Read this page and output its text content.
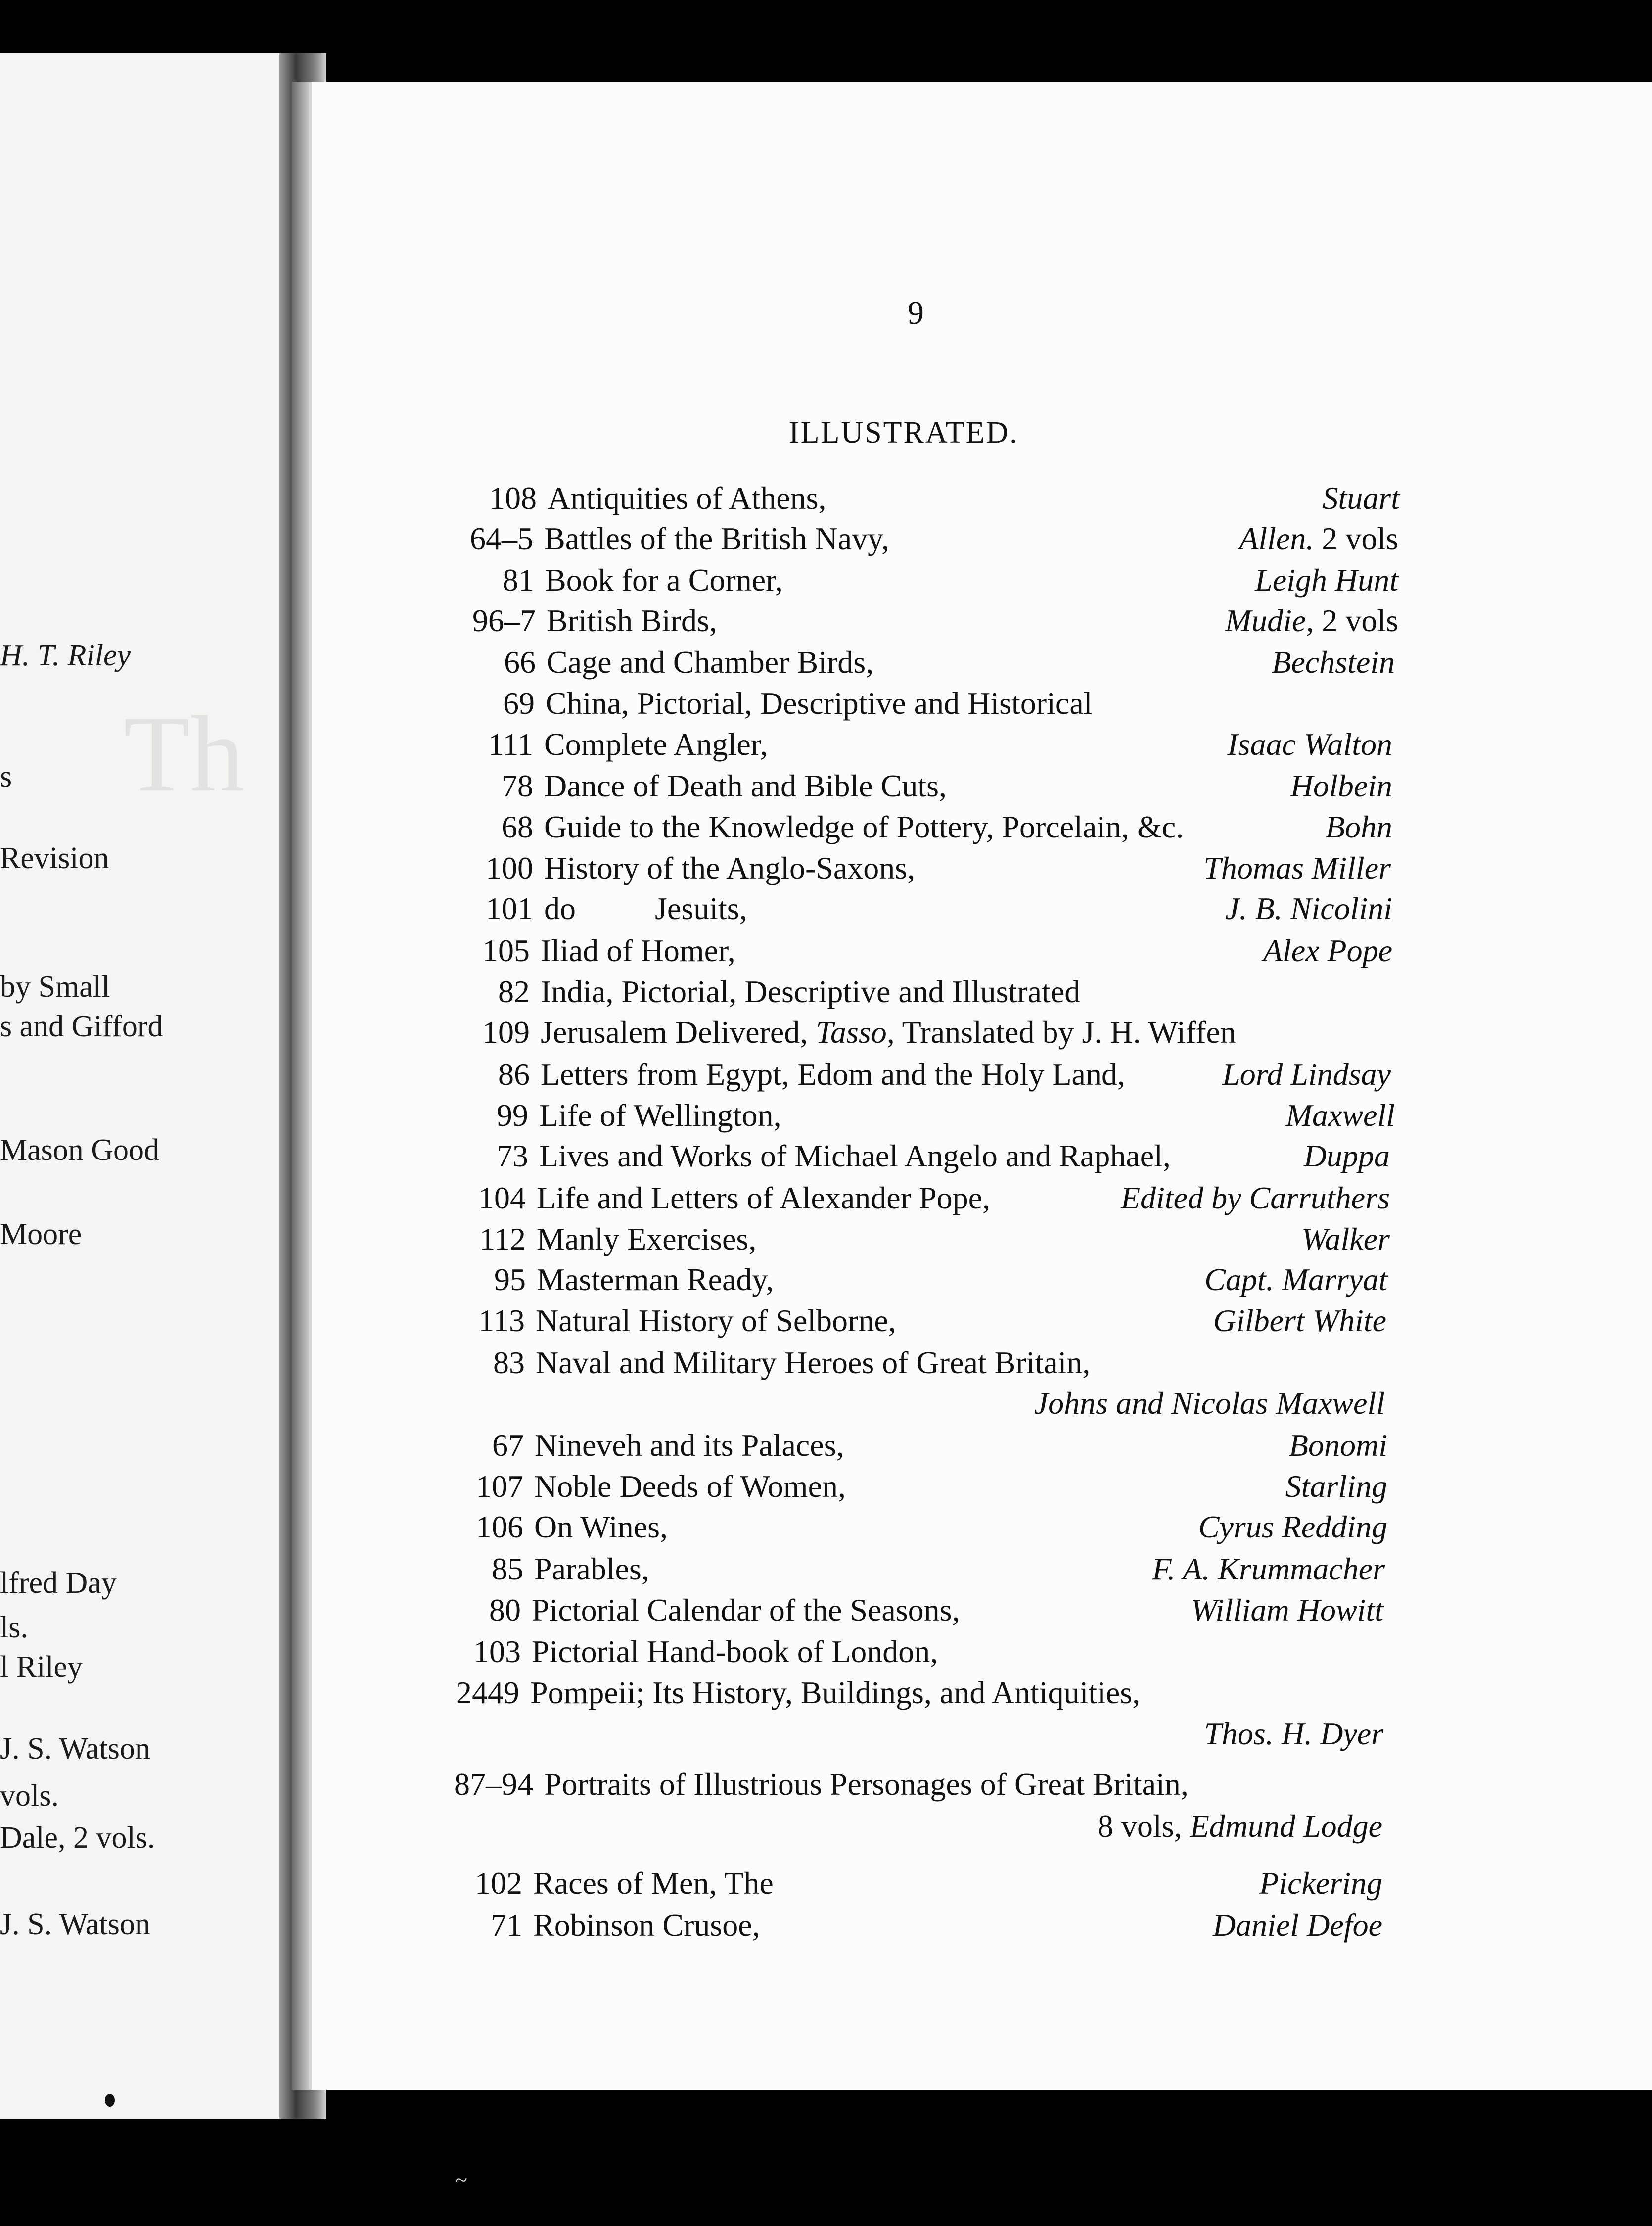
Th
H. T. Riley
s
Revision
by Small
s and Gifford
Mason Good
Moore
lfred Day
ls.
l Riley
J. S. Watson
vols.
Dale, 2 vols.
J. S. Watson
9
ILLUSTRATED.
108 Antiquities of Athens,	Stuart
64–5 Battles of the British Navy,	Allen. 2 vols
81 Book for a Corner,	Leigh Hunt
96–7 British Birds,	Mudie, 2 vols
66 Cage and Chamber Birds,	Bechstein
69 China, Pictorial, Descriptive and Historical
111 Complete Angler,	Isaac Walton
78 Dance of Death and Bible Cuts,	Holbein
68 Guide to the Knowledge of Pottery, Porcelain, &c.	Bohn
100 History of the Anglo-Saxons,	Thomas Miller
101 do          Jesuits,	J. B. Nicolini
105 Iliad of Homer,	Alex Pope
82 India, Pictorial, Descriptive and Illustrated
109 Jerusalem Delivered, Tasso, Translated by J. H. Wiffen
86 Letters from Egypt, Edom and the Holy Land,	Lord Lindsay
99 Life of Wellington,	Maxwell
73 Lives and Works of Michael Angelo and Raphael,	Duppa
104 Life and Letters of Alexander Pope,	Edited by Carruthers
112 Manly Exercises,	Walker
95 Masterman Ready,	Capt. Marryat
113 Natural History of Selborne,	Gilbert White
83 Naval and Military Heroes of Great Britain,
Johns and Nicolas Maxwell
67 Nineveh and its Palaces,	Bonomi
107 Noble Deeds of Women,	Starling
106 On Wines,	Cyrus Redding
85 Parables,	F. A. Krummacher
80 Pictorial Calendar of the Seasons,	William Howitt
103 Pictorial Hand-book of London,
2449 Pompeii; Its History, Buildings, and Antiquities,
Thos. H. Dyer
87–94 Portraits of Illustrious Personages of Great Britain,
8 vols, Edmund Lodge
102 Races of Men, The	Pickering
71 Robinson Crusoe,	Daniel Defoe
~
